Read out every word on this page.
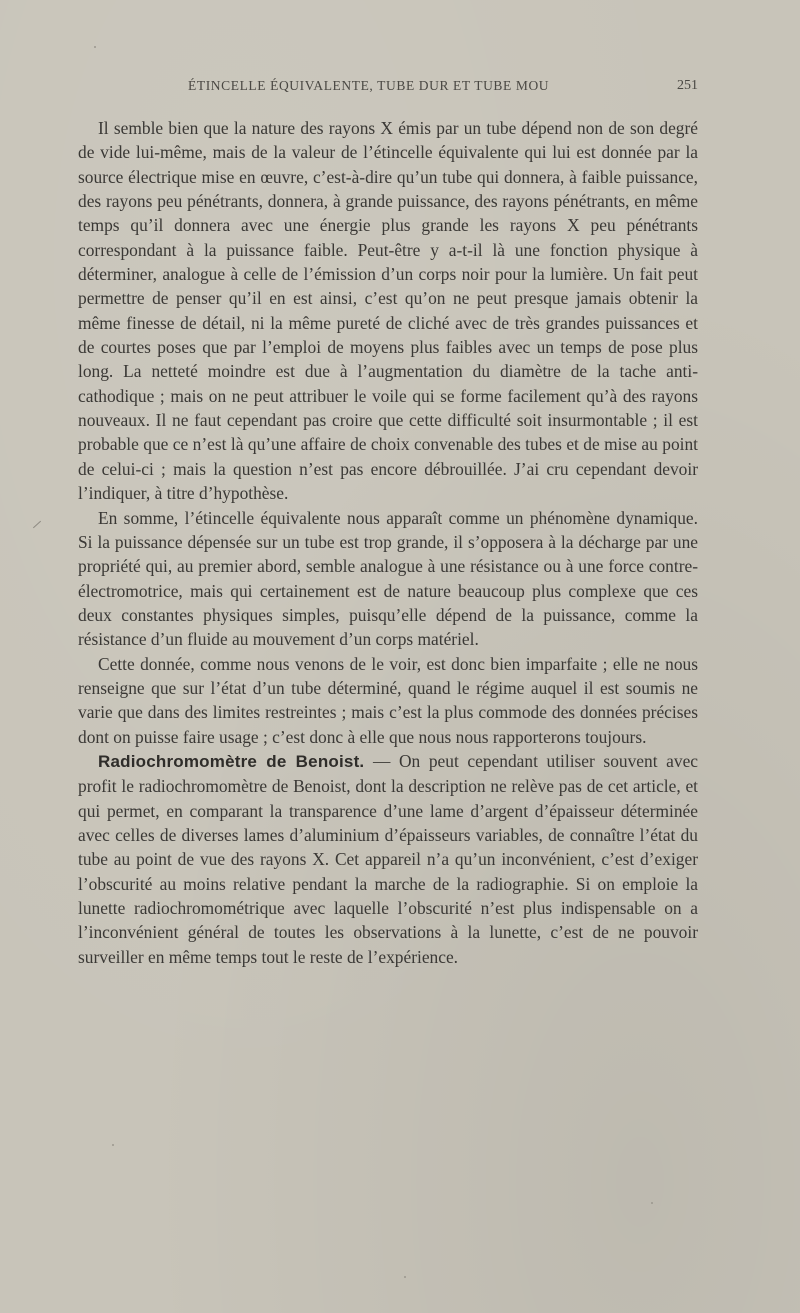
ÉTINCELLE ÉQUIVALENTE, TUBE DUR ET TUBE MOU	251

Il semble bien que la nature des rayons X émis par un tube dépend non de son degré de vide lui-même, mais de la valeur de l’étincelle équivalente qui lui est donnée par la source électrique mise en œuvre, c’est-à-dire qu’un tube qui donnera, à faible puissance, des rayons peu pénétrants, donnera, à grande puissance, des rayons pénétrants, en même temps qu’il donnera avec une énergie plus grande les rayons X peu pénétrants correspondant à la puissance faible. Peut-être y a-t-il là une fonction physique à déterminer, analogue à celle de l’émission d’un corps noir pour la lumière. Un fait peut permettre de penser qu’il en est ainsi, c’est qu’on ne peut presque jamais obtenir la même finesse de détail, ni la même pureté de cliché avec de très grandes puissances et de courtes poses que par l’emploi de moyens plus faibles avec un temps de pose plus long. La netteté moindre est due à l’augmentation du diamètre de la tache anti-cathodique ; mais on ne peut attribuer le voile qui se forme facilement qu’à des rayons nouveaux. Il ne faut cependant pas croire que cette difficulté soit insurmontable ; il est probable que ce n’est là qu’une affaire de choix convenable des tubes et de mise au point de celui-ci ; mais la question n’est pas encore débrouillée. J’ai cru cependant devoir l’indiquer, à titre d’hypothèse.

En somme, l’étincelle équivalente nous apparaît comme un phénomène dynamique. Si la puissance dépensée sur un tube est trop grande, il s’opposera à la décharge par une propriété qui, au premier abord, semble analogue à une résistance ou à une force contre-électromotrice, mais qui certainement est de nature beaucoup plus complexe que ces deux constantes physiques simples, puisqu’elle dépend de la puissance, comme la résistance d’un fluide au mouvement d’un corps matériel.

Cette donnée, comme nous venons de le voir, est donc bien imparfaite ; elle ne nous renseigne que sur l’état d’un tube déterminé, quand le régime auquel il est soumis ne varie que dans des limites restreintes ; mais c’est la plus commode des données précises dont on puisse faire usage ; c’est donc à elle que nous nous rapporterons toujours.

Radiochromomètre de Benoist. — On peut cependant utiliser souvent avec profit le radiochromomètre de Benoist, dont la description ne relève pas de cet article, et qui permet, en comparant la transparence d’une lame d’argent d’épaisseur déterminée avec celles de diverses lames d’aluminium d’épaisseurs variables, de connaître l’état du tube au point de vue des rayons X. Cet appareil n’a qu’un inconvénient, c’est d’exiger l’obscurité au moins relative pendant la marche de la radiographie. Si on emploie la lunette radiochromométrique avec laquelle l’obscurité n’est plus indispensable on a l’inconvénient général de toutes les observations à la lunette, c’est de ne pouvoir surveiller en même temps tout le reste de l’expérience.
